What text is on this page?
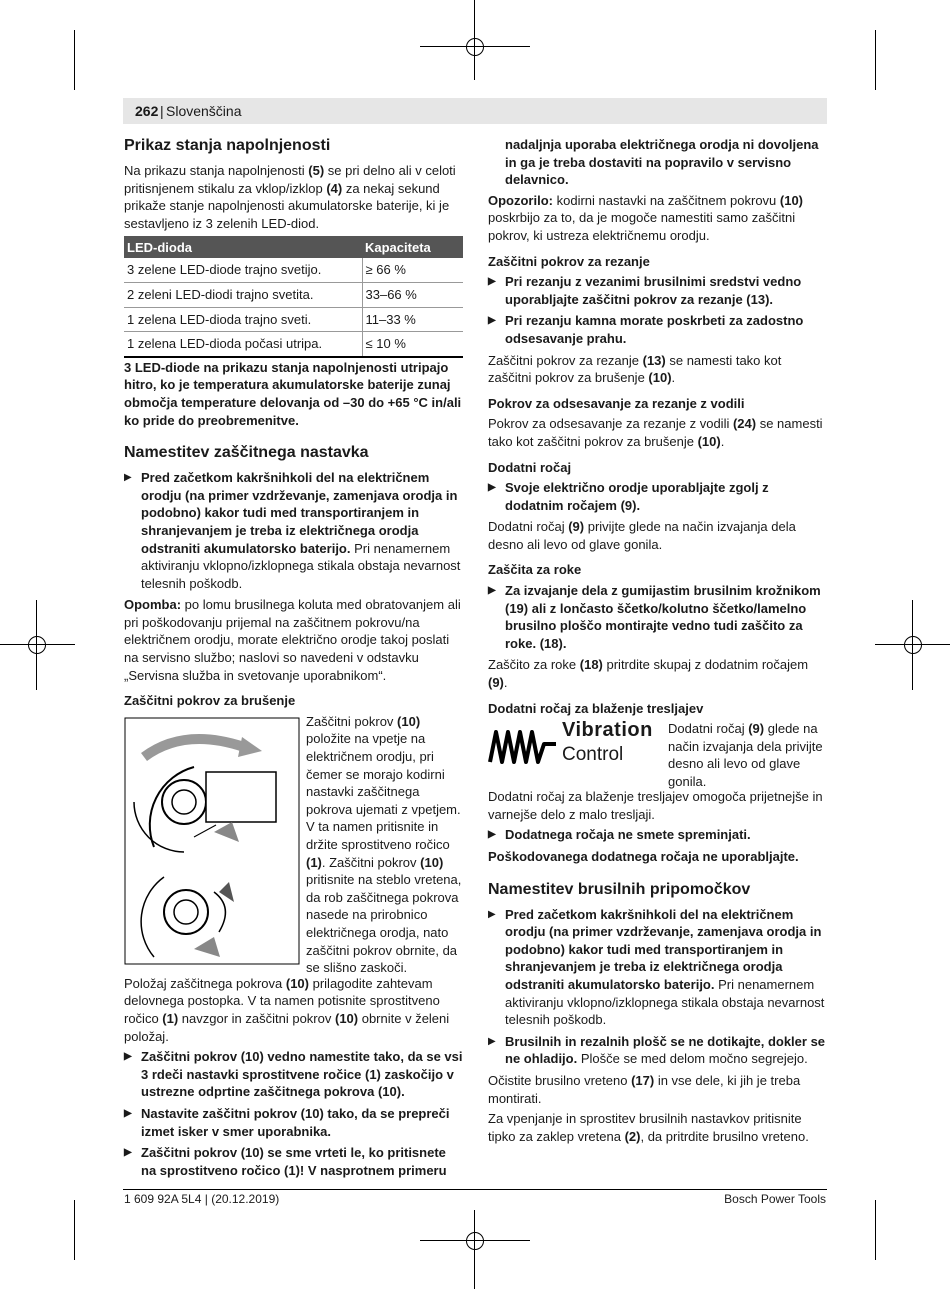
262 | Slovenščina
Prikaz stanja napolnjenosti

Na prikazu stanja napolnjenosti (5) se pri delno ali v celoti pritisnjenem stikalu za vklop/izklop (4) za nekaj sekund prikaže stanje napolnjenosti akumulatorske baterije, ki je sestavljeno iz 3 zelenih LED-diod.

LED-dioda	Kapaciteta
3 zelene LED-diode trajno svetijo.	≥ 66 %
2 zeleni LED-diodi trajno svetita.	33–66 %
1 zelena LED-dioda trajno sveti.	11–33 %
1 zelena LED-dioda počasi utripa.	≤ 10 %

3 LED-diode na prikazu stanja napolnjenosti utripajo hitro, ko je temperatura akumulatorske baterije zunaj območja temperature delovanja od –30 do +65 °C in/ali ko pride do preobremenitve.

Namestitev zaščitnega nastavka
▶ Pred začetkom kakršnihkoli del na električnem orodju (na primer vzdrževanje, zamenjava orodja in podobno) kakor tudi med transportiranjem in shranjevanjem je treba iz električnega orodja odstraniti akumulatorsko baterijo. Pri nenamernem aktiviranju vklopno/izklopnega stikala obstaja nevarnost telesnih poškodb.

Opomba: po lomu brusilnega koluta med obratovanjem ali pri poškodovanju prijemal na zaščitnem pokrovu/na električnem orodju, morate električno orodje takoj poslati na servisno službo; naslovi so navedeni v odstavku „Servisna služba in svetovanje uporabnikom“.

Zaščitni pokrov za brušenje
Zaščitni pokrov (10) položite na vpetje na električnem orodju, pri čemer se morajo kodirni nastavki zaščitnega pokrova ujemati z vpetjem. V ta namen pritisnite in držite sprostitveno ročico (1). Zaščitni pokrov (10) pritisnite na steblo vretena, da rob zaščitnega pokrova nasede na prirobnico električnega orodja, nato zaščitni pokrov obrnite, da se slišno zaskoči.

Položaj zaščitnega pokrova (10) prilagodite zahtevam delovnega postopka. V ta namen potisnite sprostitveno ročico (1) navzgor in zaščitni pokrov (10) obrnite v želeni položaj.

▶ Zaščitni pokrov (10) vedno namestite tako, da se vsi 3 rdeči nastavki sprostitvene ročice (1) zaskočijo v ustrezne odprtine zaščitnega pokrova (10).
▶ Nastavite zaščitni pokrov (10) tako, da se prepreči izmet isker v smer uporabnika.
▶ Zaščitni pokrov (10) se sme vrteti le, ko pritisnete na sprostitveno ročico (1)! V nasprotnem primeru

nadaljnja uporaba električnega orodja ni dovoljena in ga je treba dostaviti na popravilo v servisno delavnico.

Opozorilo: kodirni nastavki na zaščitnem pokrovu (10) poskrbijo za to, da je mogoče namestiti samo zaščitni pokrov, ki ustreza električnemu orodju.

Zaščitni pokrov za rezanje
▶ Pri rezanju z vezanimi brusilnimi sredstvi vedno uporabljajte zaščitni pokrov za rezanje (13).
▶ Pri rezanju kamna morate poskrbeti za zadostno odsesavanje prahu.

Zaščitni pokrov za rezanje (13) se namesti tako kot zaščitni pokrov za brušenje (10).

Pokrov za odsesavanje za rezanje z vodili

Pokrov za odsesavanje za rezanje z vodili (24) se namesti tako kot zaščitni pokrov za brušenje (10).

Dodatni ročaj
▶ Svoje električno orodje uporabljajte zgolj z dodatnim ročajem (9).

Dodatni ročaj (9) privijte glede na način izvajanja dela desno ali levo od glave gonila.

Zaščita za roke
▶ Za izvajanje dela z gumijastim brusilnim krožnikom (19) ali z lončasto ščetko/kolutno ščetko/lamelno brusilno ploščo montirajte vedno tudi zaščito za roke. (18).

Zaščito za roke (18) pritrdite skupaj z dodatnim ročajem (9).

Dodatni ročaj za blaženje tresljajev
Vibration
Control
Dodatni ročaj (9) glede na način izvajanja dela privijte desno ali levo od glave gonila.

Dodatni ročaj za blaženje tresljajev omogoča prijetnejše in varnejše delo z malo tresljaji.

▶ Dodatnega ročaja ne smete spreminjati.

Poškodovanega dodatnega ročaja ne uporabljajte.

Namestitev brusilnih pripomočkov
▶ Pred začetkom kakršnihkoli del na električnem orodju (na primer vzdrževanje, zamenjava orodja in podobno) kakor tudi med transportiranjem in shranjevanjem je treba iz električnega orodja odstraniti akumulatorsko baterijo. Pri nenamernem aktiviranju vklopno/izklopnega stikala obstaja nevarnost telesnih poškodb.
▶ Brusilnih in rezalnih plošč se ne dotikajte, dokler se ne ohladijo. Plošče se med delom močno segrejejo.

Očistite brusilno vreteno (17) in vse dele, ki jih je treba montirati.

Za vpenjanje in sprostitev brusilnih nastavkov pritisnite tipko za zaklep vretena (2), da pritrdite brusilno vreteno.

1 609 92A 5L4 | (20.12.2019)	Bosch Power Tools
